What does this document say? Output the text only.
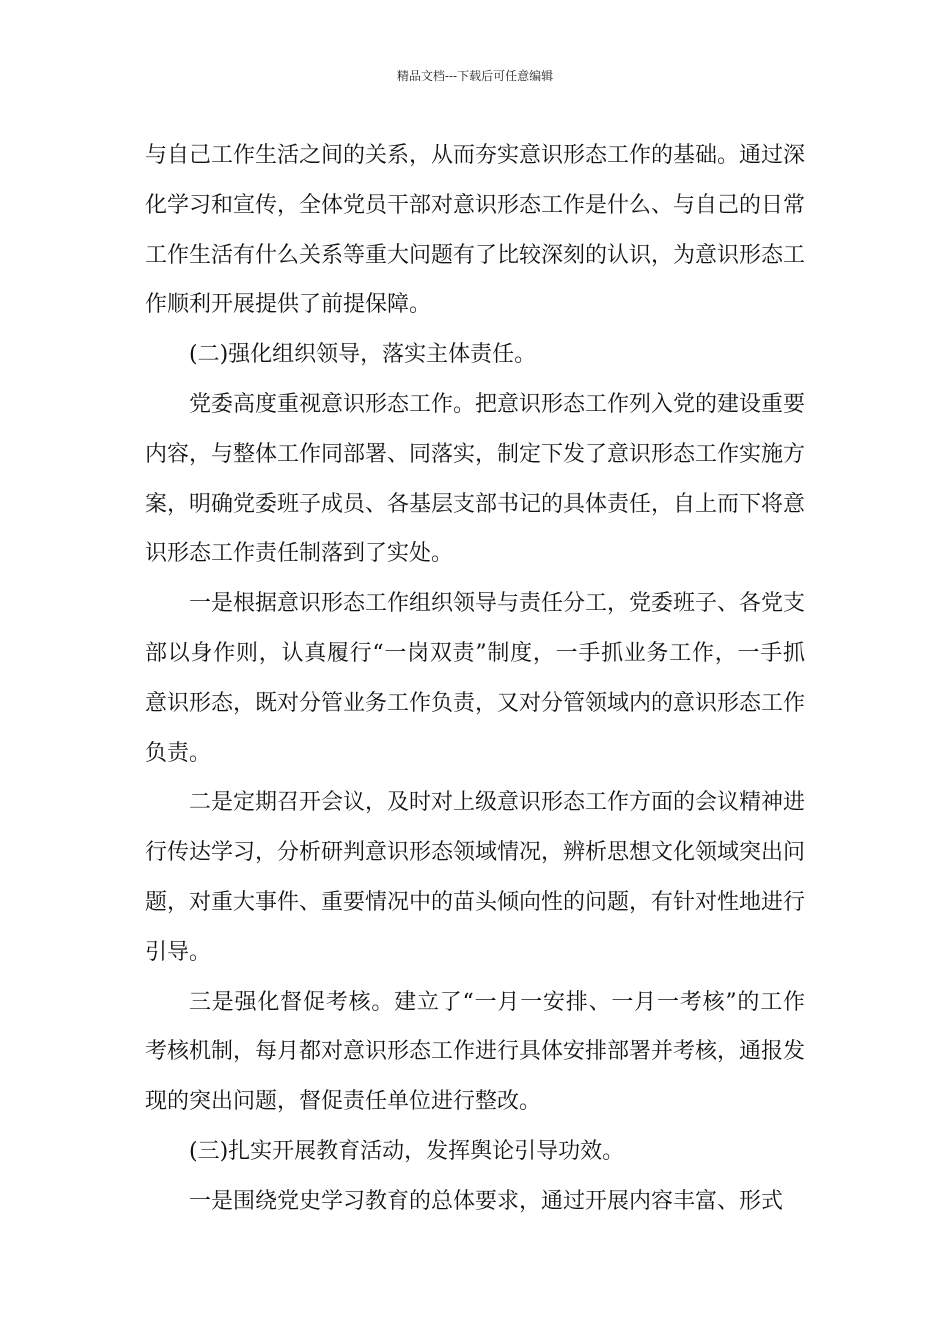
精品文档---下载后可任意编辑

与自己工作生活之间的关系，从而夯实意识形态工作的基础。通过深化学习和宣传，全体党员干部对意识形态工作是什么、与自己的日常工作生活有什么关系等重大问题有了比较深刻的认识，为意识形态工作顺利开展提供了前提保障。

(二)强化组织领导，落实主体责任。

党委高度重视意识形态工作。把意识形态工作列入党的建设重要内容，与整体工作同部署、同落实，制定下发了意识形态工作实施方案，明确党委班子成员、各基层支部书记的具体责任，自上而下将意识形态工作责任制落到了实处。

一是根据意识形态工作组织领导与责任分工，党委班子、各党支部以身作则，认真履行“一岗双责”制度，一手抓业务工作，一手抓意识形态，既对分管业务工作负责，又对分管领域内的意识形态工作负责。

二是定期召开会议，及时对上级意识形态工作方面的会议精神进行传达学习，分析研判意识形态领域情况，辨析思想文化领域突出问题，对重大事件、重要情况中的苗头倾向性的问题，有针对性地进行引导。

三是强化督促考核。建立了“一月一安排、一月一考核”的工作考核机制，每月都对意识形态工作进行具体安排部署并考核，通报发现的突出问题，督促责任单位进行整改。

(三)扎实开展教育活动，发挥舆论引导功效。

一是围绕党史学习教育的总体要求，通过开展内容丰富、形式
